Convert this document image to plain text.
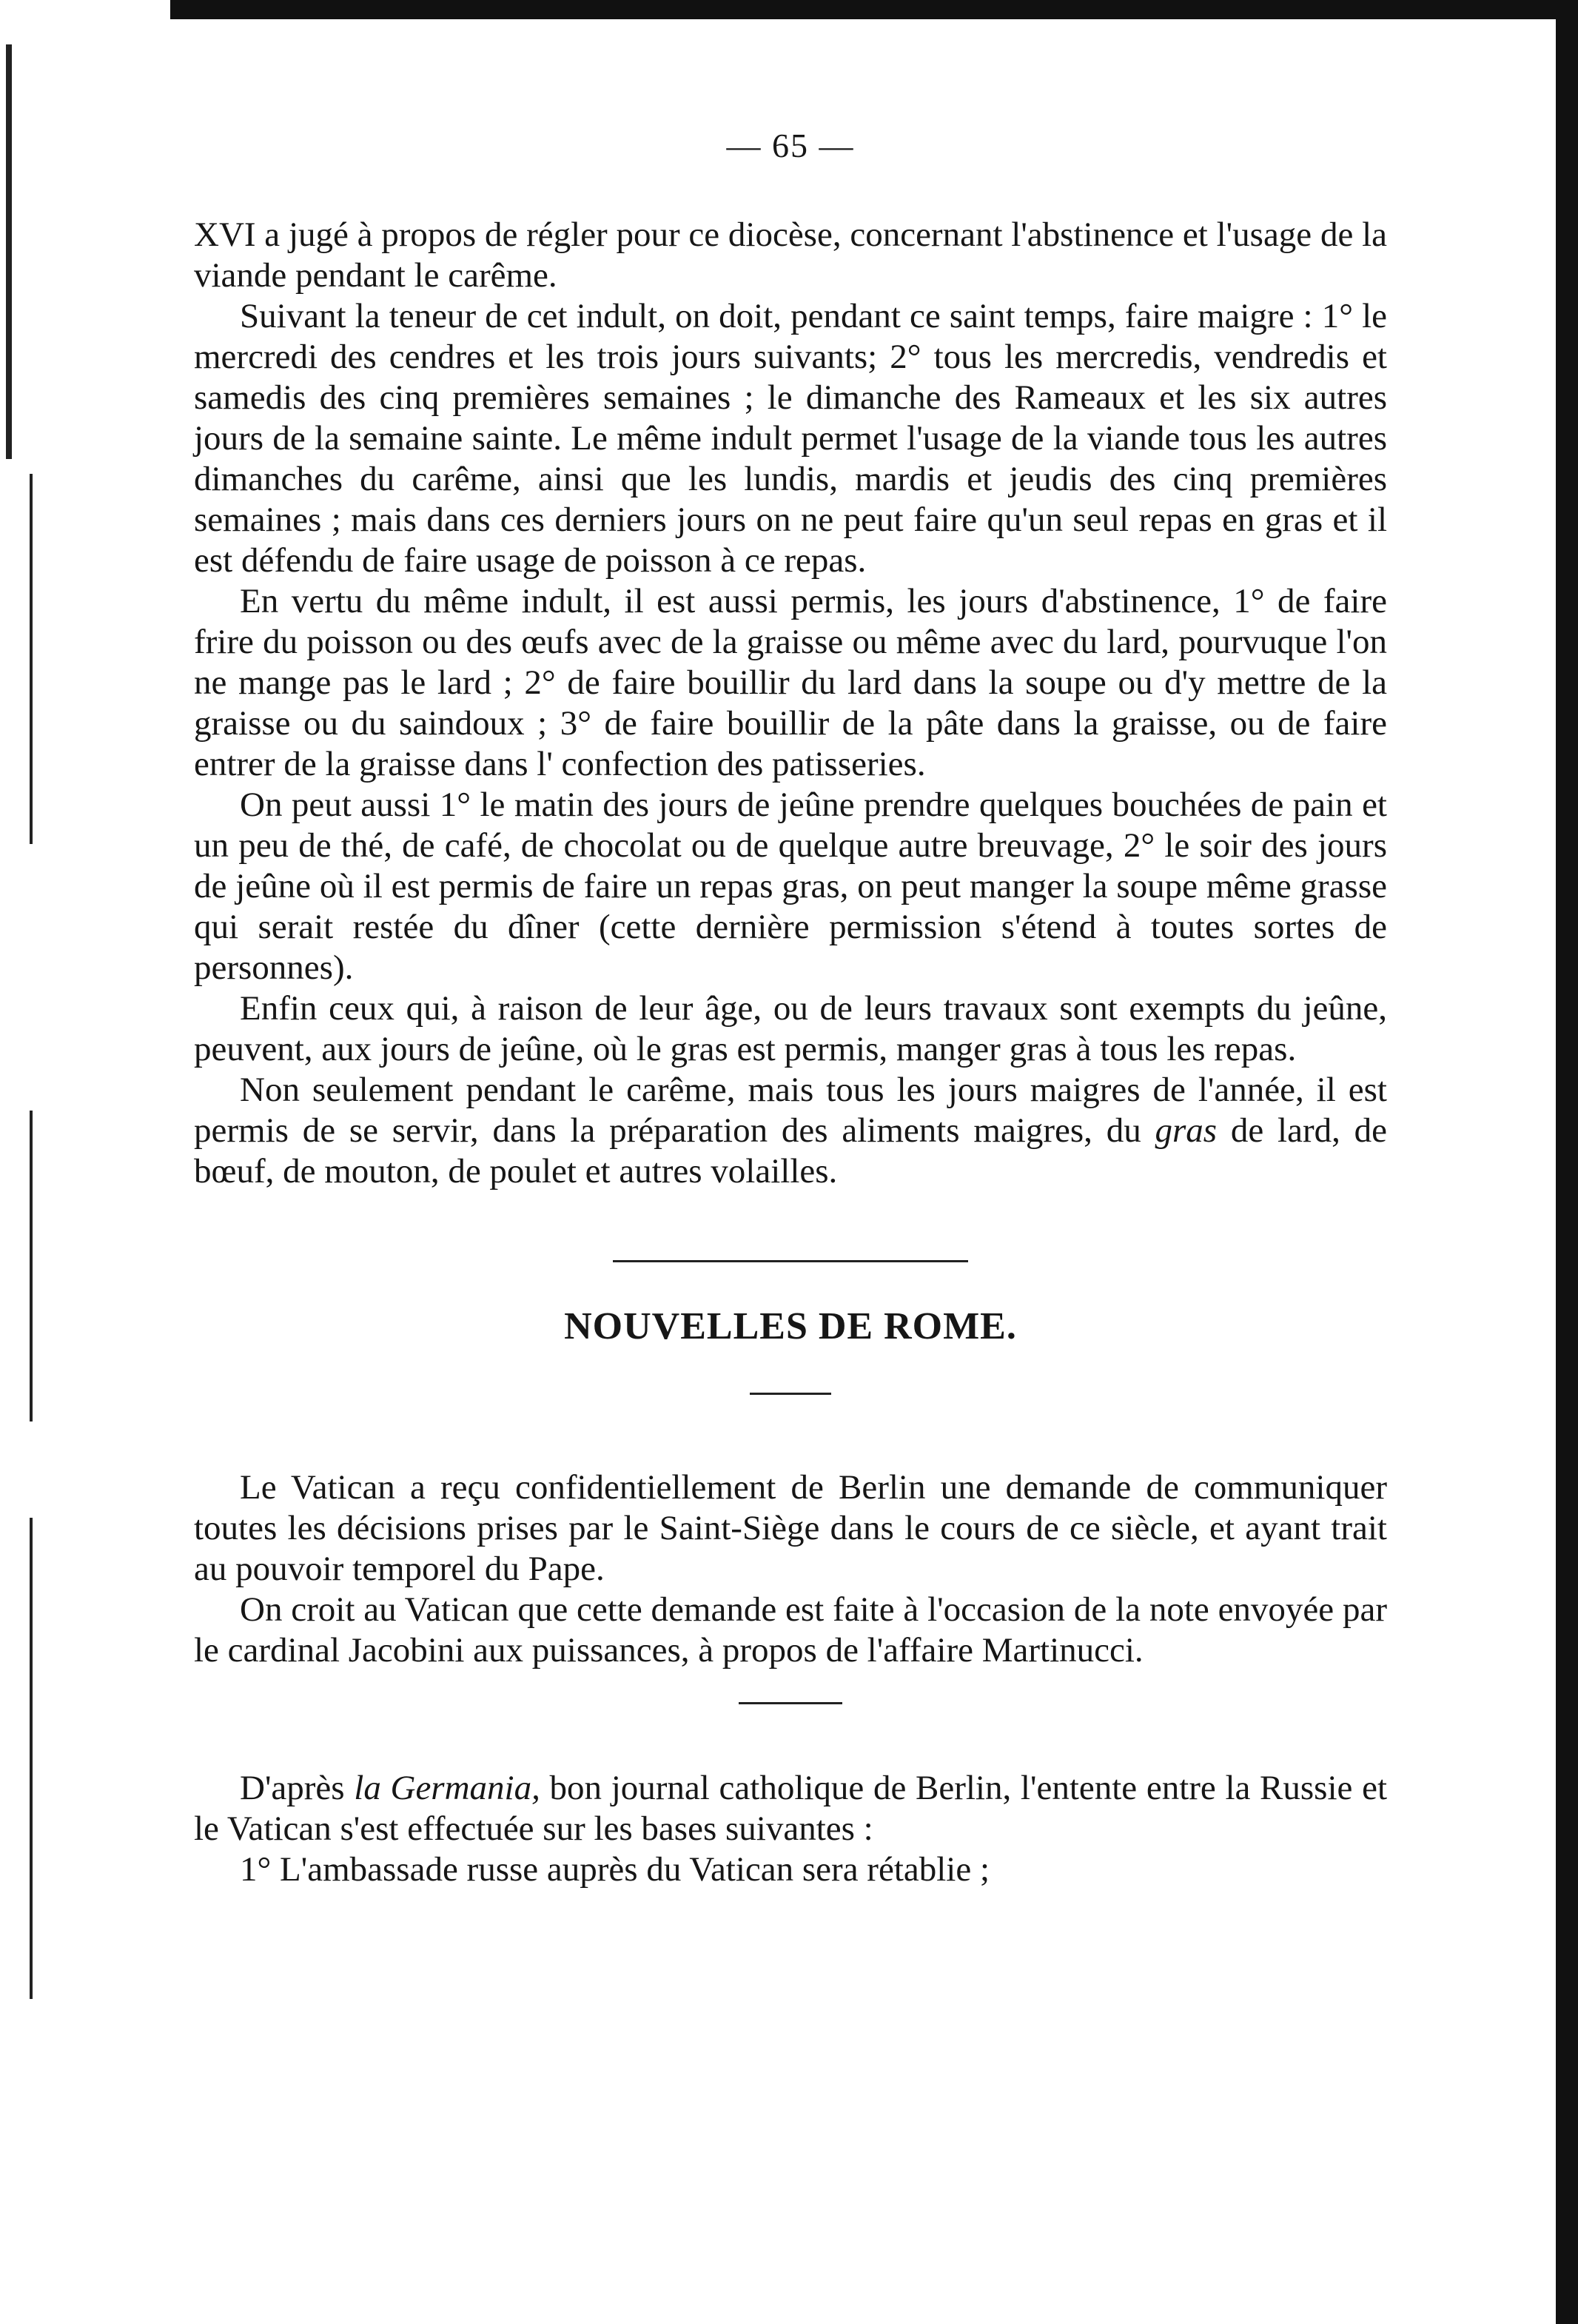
— 65 —

XVI a jugé à propos de régler pour ce diocèse, concernant l'abstinence et l'usage de la viande pendant le carême.

Suivant la teneur de cet indult, on doit, pendant ce saint temps, faire maigre : 1° le mercredi des cendres et les trois jours suivants; 2° tous les mercredis, vendredis et samedis des cinq premières semaines ; le dimanche des Rameaux et les six autres jours de la semaine sainte. Le même indult permet l'usage de la viande tous les autres dimanches du carême, ainsi que les lundis, mardis et jeudis des cinq premières semaines ; mais dans ces derniers jours on ne peut faire qu'un seul repas en gras et il est défendu de faire usage de poisson à ce repas.

En vertu du même indult, il est aussi permis, les jours d'abstinence, 1° de faire frire du poisson ou des œufs avec de la graisse ou même avec du lard, pourvuque l'on ne mange pas le lard ; 2° de faire bouillir du lard dans la soupe ou d'y mettre de la graisse ou du saindoux ; 3° de faire bouillir de la pâte dans la graisse, ou de faire entrer de la graisse dans l' confection des patisseries.

On peut aussi 1° le matin des jours de jeûne prendre quelques bouchées de pain et un peu de thé, de café, de chocolat ou de quelque autre breuvage, 2° le soir des jours de jeûne où il est permis de faire un repas gras, on peut manger la soupe même grasse qui serait restée du dîner (cette dernière permission s'étend à toutes sortes de personnes).

Enfin ceux qui, à raison de leur âge, ou de leurs travaux sont exempts du jeûne, peuvent, aux jours de jeûne, où le gras est permis, manger gras à tous les repas.

Non seulement pendant le carême, mais tous les jours maigres de l'année, il est permis de se servir, dans la préparation des aliments maigres, du gras de lard, de bœuf, de mouton, de poulet et autres volailles.

NOUVELLES DE ROME.

Le Vatican a reçu confidentiellement de Berlin une demande de communiquer toutes les décisions prises par le Saint-Siège dans le cours de ce siècle, et ayant trait au pouvoir temporel du Pape.

On croit au Vatican que cette demande est faite à l'occasion de la note envoyée par le cardinal Jacobini aux puissances, à propos de l'affaire Martinucci.

D'après la Germania, bon journal catholique de Berlin, l'entente entre la Russie et le Vatican s'est effectuée sur les bases suivantes :

1° L'ambassade russe auprès du Vatican sera rétablie ;
